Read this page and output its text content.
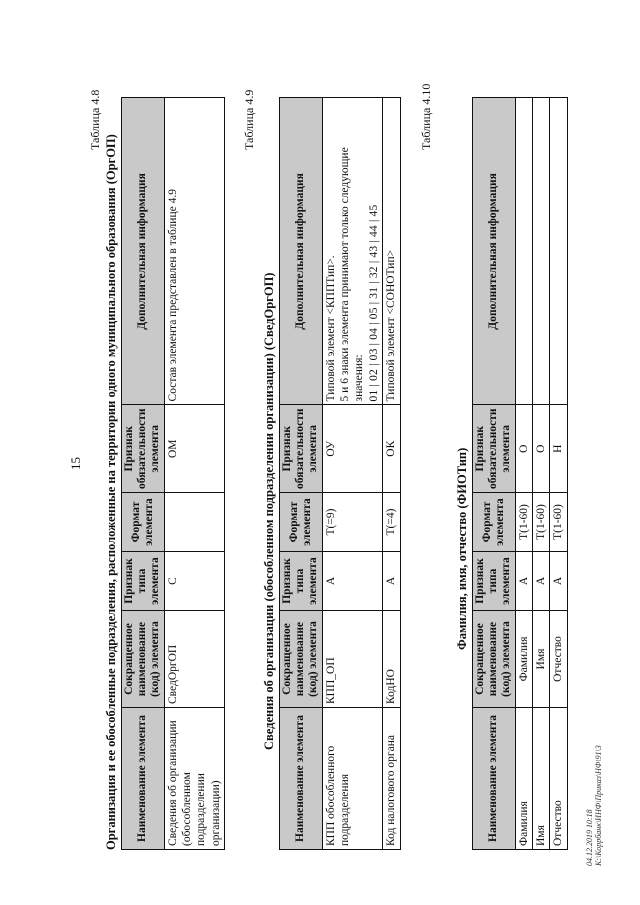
15
Таблица 4.8
Организация и ее обособленные подразделения, расположенные на территории одного муниципального образования (ОргОП) Наименование элемента	Сокращенное наименование (код) элемента	Признак типа элемента	Формат элемента	Признак обязательности элемента	Дополнительная информация
Сведения об организации (обособленном подразделении организации)	СведОргОП	С		ОМ	Состав элемента представлен в таблице 4.9
Таблица 4.9
Сведения об организации (обособленном подразделении организации) (СведОргОП)
Наименование элемента	Сокращенное наименование (код) элемента	Признак типа элемента	Формат элемента	Признак обязательности элемента	Дополнительная информация
КПП обособленного подразделения	КПП_ОП	А	Т(=9)	ОУ	Типовой элемент <КППТип>. 5 и 6 знаки элемента принимают только следующие значения: 01 | 02 | 03 | 04 | 05 | 31 | 32 | 43 | 44 | 45

Код налогового органа	КодНО	А	Т(=4)	ОК	Типовой элемент <СОНОТип>
Таблица 4.10
Фамилия, имя, отчество (ФИОТип)
Наименование элемента	Сокращенное наименование (код) элемента	Признак типа элемента	Формат элемента	Признак обязательности элемента	Дополнительная информация
Фамилия	Фамилия	А	Т(1-60)	О	
Имя	Имя	А	Т(1-60)	О	
Отчество	Отчество	А	Т(1-60)	Н	
04.12.2019 10:18 К:\Коррбанк\ИНФ\Приказ\НФ\91\3
